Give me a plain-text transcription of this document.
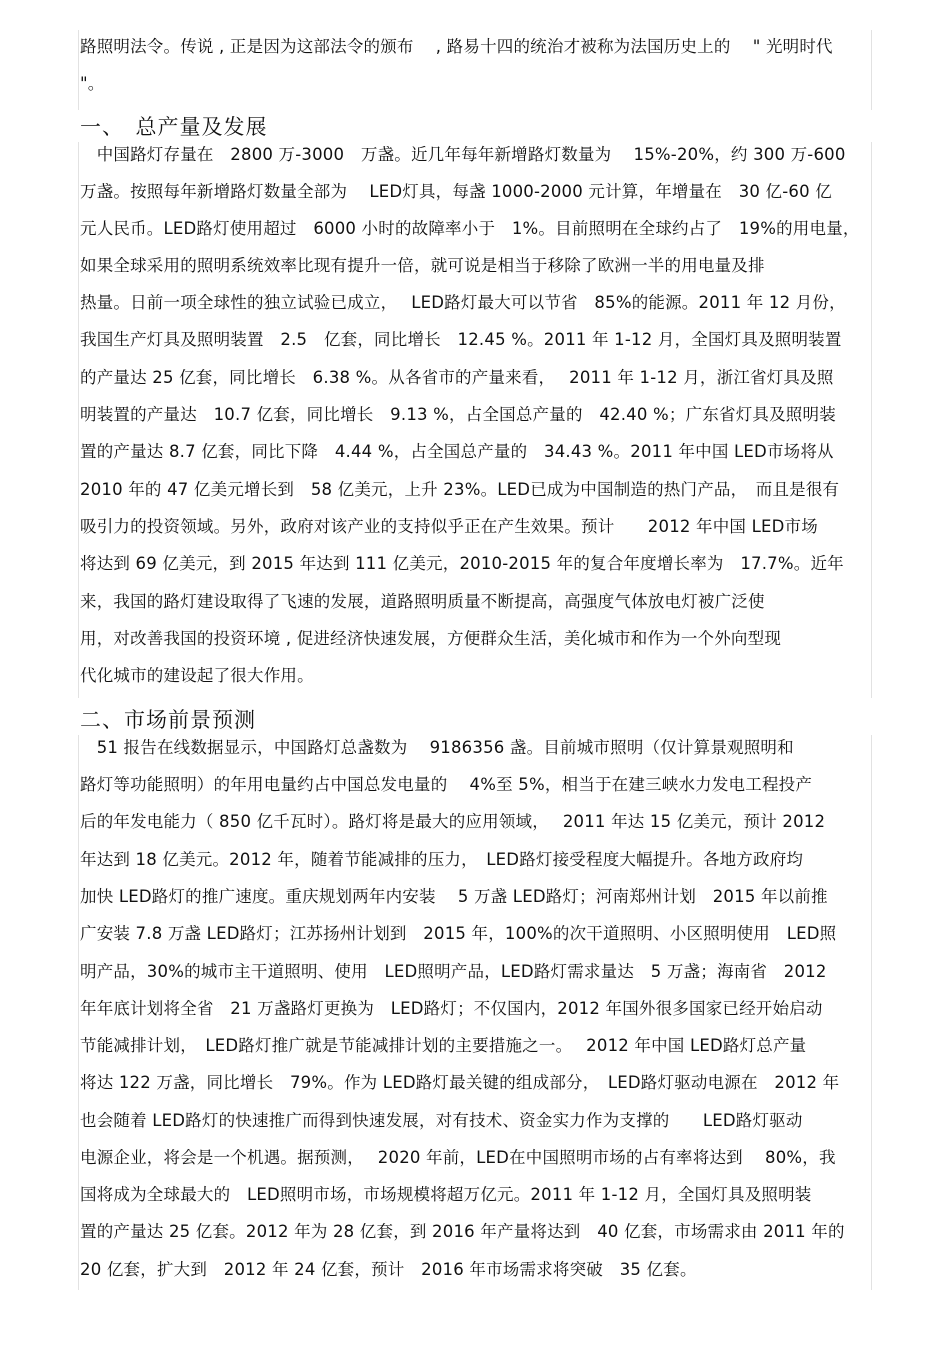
路照明法令。传说 , 正是因为这部法令的颁布　 , 路易十四的统治才被称为法国历史上的　 " 光明时代
"。
一、　总产量及发展
　中国路灯存量在　2800 万-3000　万盏。近几年每年新增路灯数量为　 15%-20%，约 300 万-600
万盏。按照每年新增路灯数量全部为　 LED灯具，每盏 1000-2000 元计算，年增量在　30 亿-60 亿
元人民币。LED路灯使用超过　6000 小时的故障率小于　1%。目前照明在全球约占了　19%的用电量，
如果全球采用的照明系统效率比现有提升一倍，就可说是相当于移除了欧洲一半的用电量及排
热量。日前一项全球性的独立试验已成立，　 LED路灯最大可以节省　85%的能源。2011 年 12 月份，
我国生产灯具及照明装置　2.5　亿套，同比增长　12.45 %。2011 年 1-12 月，全国灯具及照明装置
的产量达 25 亿套，同比增长　6.38 %。从各省市的产量来看，　 2011 年 1-12 月，浙江省灯具及照
明装置的产量达　10.7 亿套，同比增长　9.13 %，占全国总产量的　42.40 %；广东省灯具及照明装
置的产量达 8.7 亿套，同比下降　4.44 %，占全国总产量的　34.43 %。2011 年中国 LED市场将从
2010 年的 47 亿美元增长到　58 亿美元，上升 23%。LED已成为中国制造的热门产品，　而且是很有
吸引力的投资领域。另外，政府对该产业的支持似乎正在产生效果。预计　　2012 年中国 LED市场
将达到 69 亿美元，到 2015 年达到 111 亿美元，2010-2015 年的复合年度增长率为　17.7%。近年
来，我国的路灯建设取得了飞速的发展，道路照明质量不断提高，高强度气体放电灯被广泛使
用，对改善我国的投资环境 , 促进经济快速发展，方便群众生活，美化城市和作为一个外向型现
代化城市的建设起了很大作用。
二、市场前景预测
　51 报告在线数据显示，中国路灯总盏数为　 9186356 盏。目前城市照明（仅计算景观照明和
路灯等功能照明）的年用电量约占中国总发电量的　 4%至 5%，相当于在建三峡水力发电工程投产
后的年发电能力（ 850 亿千瓦时）。路灯将是最大的应用领域，　 2011 年达 15 亿美元，预计 2012
年达到 18 亿美元。2012 年，随着节能减排的压力，　LED路灯接受程度大幅提升。各地方政府均
加快 LED路灯的推广速度。重庆规划两年内安装　 5 万盏 LED路灯；河南郑州计划　2015 年以前推
广安装 7.8 万盏 LED路灯；江苏扬州计划到　2015 年，100%的次干道照明、小区照明使用　LED照
明产品，30%的城市主干道照明、使用　LED照明产品，LED路灯需求量达　5 万盏；海南省　2012
年年底计划将全省　21 万盏路灯更换为　LED路灯；不仅国内，2012 年国外很多国家已经开始启动
节能减排计划，　LED路灯推广就是节能减排计划的主要措施之一。　 2012 年中国 LED路灯总产量
将达 122 万盏，同比增长　79%。作为 LED路灯最关键的组成部分，　LED路灯驱动电源在　2012 年
也会随着 LED路灯的快速推广而得到快速发展，对有技术、资金实力作为支撑的　　LED路灯驱动
电源企业，将会是一个机遇。据预测，　 2020 年前，LED在中国照明市场的占有率将达到　 80%，我
国将成为全球最大的　LED照明市场，市场规模将超万亿元。2011 年 1-12 月，全国灯具及照明装
置的产量达 25 亿套。2012 年为 28 亿套，到 2016 年产量将达到　40 亿套，市场需求由 2011 年的
20 亿套，扩大到　2012 年 24 亿套，预计　2016 年市场需求将突破　35 亿套。
